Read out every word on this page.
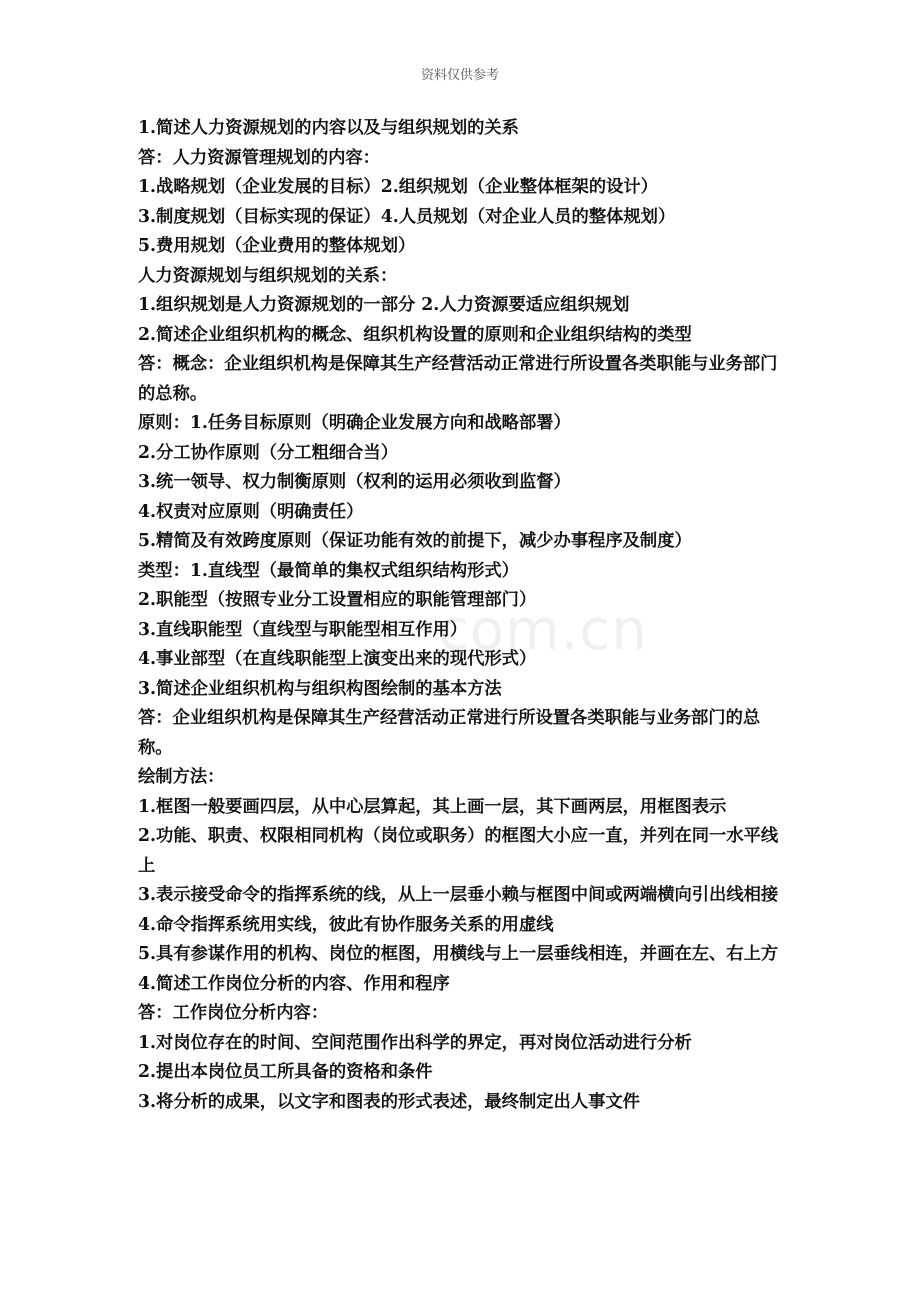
资料仅供参考
com.cn

1.简述人力资源规划的内容以及与组织规划的关系

答：人力资源管理规划的内容：

1.战略规划（企业发展的目标）2.组织规划（企业整体框架的设计）

3.制度规划（目标实现的保证）4.人员规划（对企业人员的整体规划）

5.费用规划（企业费用的整体规划）

人力资源规划与组织规划的关系：

1.组织规划是人力资源规划的一部分 2.人力资源要适应组织规划

2.简述企业组织机构的概念、组织机构设置的原则和企业组织结构的类型

答：概念：企业组织机构是保障其生产经营活动正常进行所设置各类职能与业务部门的总称。

原则：1.任务目标原则（明确企业发展方向和战略部署）

2.分工协作原则（分工粗细合当）

3.统一领导、权力制衡原则（权利的运用必须收到监督）

4.权责对应原则（明确责任）

5.精简及有效跨度原则（保证功能有效的前提下，减少办事程序及制度）

类型：1.直线型（最简单的集权式组织结构形式）

2.职能型（按照专业分工设置相应的职能管理部门）

3.直线职能型（直线型与职能型相互作用）

4.事业部型（在直线职能型上演变出来的现代形式）

3.简述企业组织机构与组织构图绘制的基本方法

答：企业组织机构是保障其生产经营活动正常进行所设置各类职能与业务部门的总称。

绘制方法：

1.框图一般要画四层，从中心层算起，其上画一层，其下画两层，用框图表示

2.功能、职责、权限相同机构（岗位或职务）的框图大小应一直，并列在同一水平线上

3.表示接受命令的指挥系统的线，从上一层垂小赖与框图中间或两端横向引出线相接

4.命令指挥系统用实线，彼此有协作服务关系的用虚线

5.具有参谋作用的机构、岗位的框图，用横线与上一层垂线相连，并画在左、右上方

4.简述工作岗位分析的内容、作用和程序

答：工作岗位分析内容：

1.对岗位存在的时间、空间范围作出科学的界定，再对岗位活动进行分析

2.提出本岗位员工所具备的资格和条件

3.将分析的成果，以文字和图表的形式表述，最终制定出人事文件
